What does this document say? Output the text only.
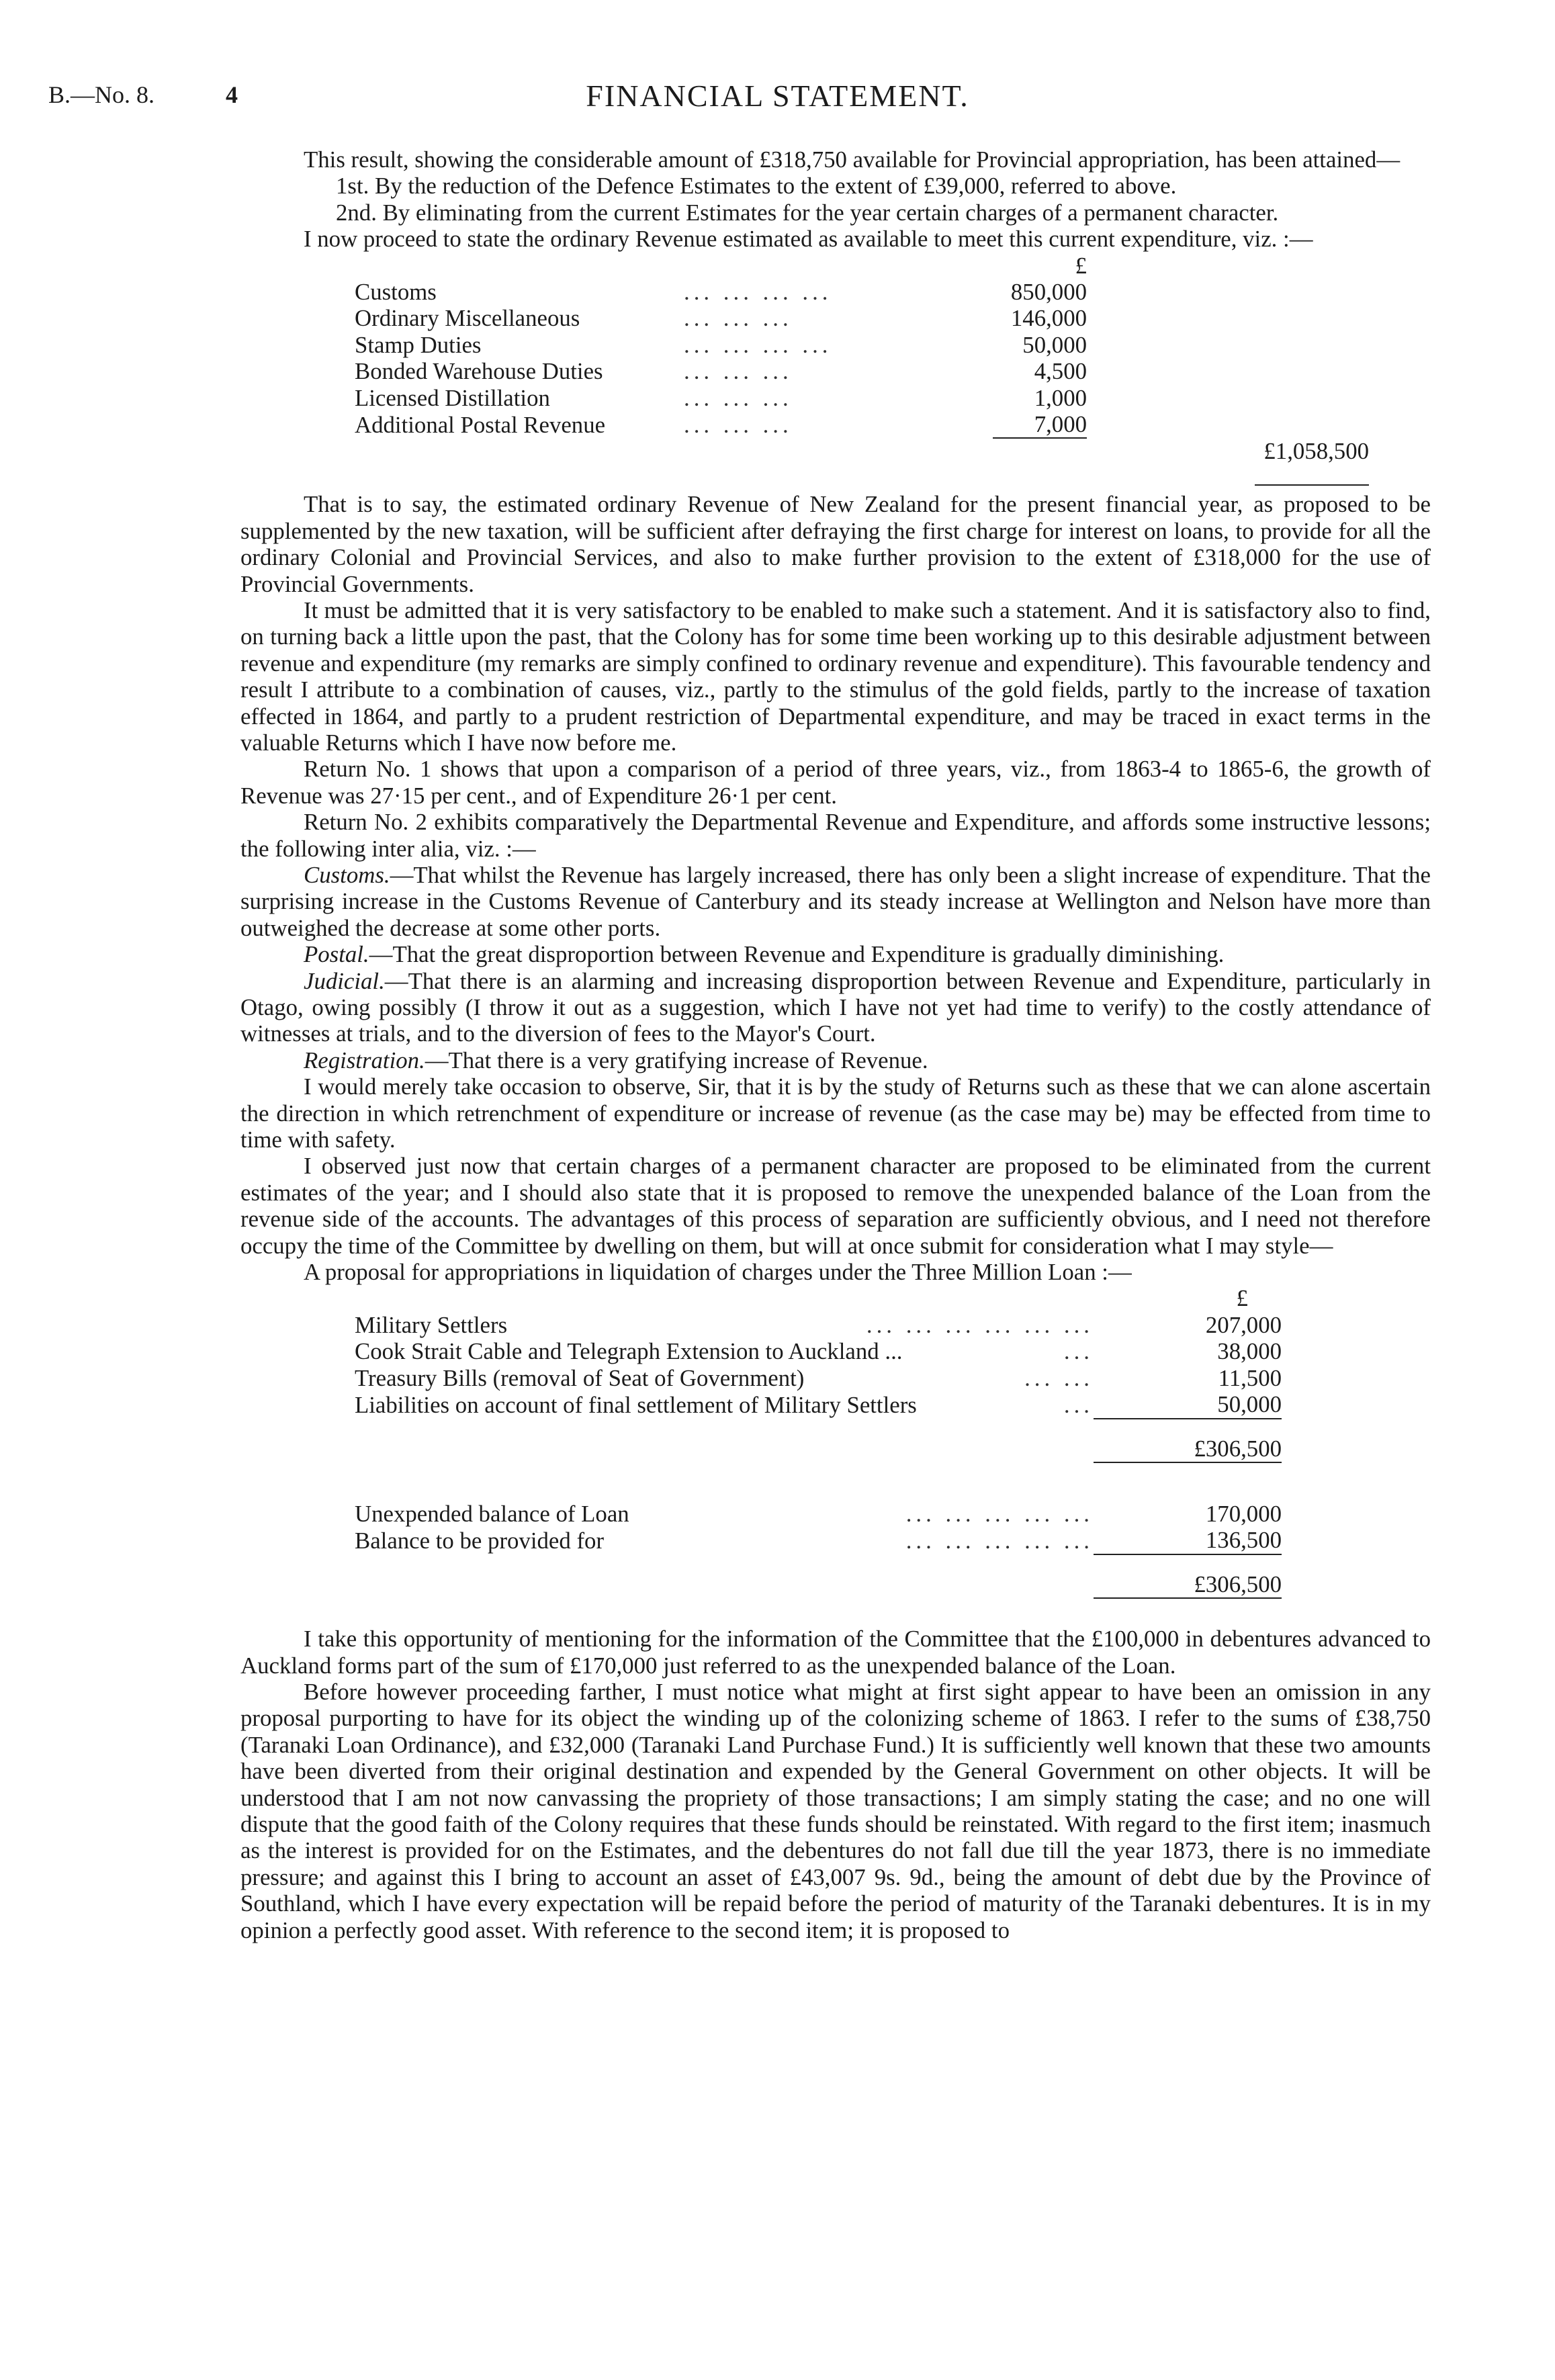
B.—No. 8.	4	FINANCIAL STATEMENT.

This result, showing the considerable amount of £318,750 available for Provincial appropriation, has been attained—

1st. By the reduction of the Defence Estimates to the extent of £39,000, referred to above.

2nd. By eliminating from the current Estimates for the year certain charges of a permanent character.

I now proceed to state the ordinary Revenue estimated as available to meet this current expenditure, viz. :—

		£	
Customs	... ... ... ...	850,000	
Ordinary Miscellaneous	... ... ...	146,000	
Stamp Duties	... ... ... ...	50,000	
Bonded Warehouse Duties	... ... ...	4,500	
Licensed Distillation	... ... ...	1,000	
Additional Postal Revenue	... ... ...	7,000	
			£1,058,500

That is to say, the estimated ordinary Revenue of New Zealand for the present financial year, as proposed to be supplemented by the new taxation, will be sufficient after defraying the first charge for interest on loans, to provide for all the ordinary Colonial and Provincial Services, and also to make further provision to the extent of £318,000 for the use of Provincial Governments.

It must be admitted that it is very satisfactory to be enabled to make such a statement. And it is satisfactory also to find, on turning back a little upon the past, that the Colony has for some time been working up to this desirable adjustment between revenue and expenditure (my remarks are simply confined to ordinary revenue and expenditure). This favourable tendency and result I attribute to a combination of causes, viz., partly to the stimulus of the gold fields, partly to the increase of taxation effected in 1864, and partly to a prudent restriction of Departmental expenditure, and may be traced in exact terms in the valuable Returns which I have now before me.

Return No. 1 shows that upon a comparison of a period of three years, viz., from 1863-4 to 1865-6, the growth of Revenue was 27·15 per cent., and of Expenditure 26·1 per cent.

Return No. 2 exhibits comparatively the Departmental Revenue and Expenditure, and affords some instructive lessons; the following inter alia, viz. :—

Customs.—That whilst the Revenue has largely increased, there has only been a slight increase of expenditure. That the surprising increase in the Customs Revenue of Canterbury and its steady increase at Wellington and Nelson have more than outweighed the decrease at some other ports.

Postal.—That the great disproportion between Revenue and Expenditure is gradually diminishing.

Judicial.—That there is an alarming and increasing disproportion between Revenue and Expenditure, particularly in Otago, owing possibly (I throw it out as a suggestion, which I have not yet had time to verify) to the costly attendance of witnesses at trials, and to the diversion of fees to the Mayor's Court.

Registration.—That there is a very gratifying increase of Revenue.

I would merely take occasion to observe, Sir, that it is by the study of Returns such as these that we can alone ascertain the direction in which retrenchment of expenditure or increase of revenue (as the case may be) may be effected from time to time with safety.

I observed just now that certain charges of a permanent character are proposed to be eliminated from the current estimates of the year; and I should also state that it is proposed to remove the unexpended balance of the Loan from the revenue side of the accounts. The advantages of this process of separation are sufficiently obvious, and I need not therefore occupy the time of the Committee by dwelling on them, but will at once submit for consideration what I may style—

A proposal for appropriations in liquidation of charges under the Three Million Loan :—

	£
Military Settlers ... ... ... ... ... ...	207,000
Cook Strait Cable and Telegraph Extension to Auckland ... ...	38,000
Treasury Bills (removal of Seat of Government) ... ...	11,500
Liabilities on account of final settlement of Military Settlers ...	50,000

	£306,500

Unexpended balance of Loan ... ... ... ... ...	170,000
Balance to be provided for ... ... ... ... ...	136,500

	£306,500

I take this opportunity of mentioning for the information of the Committee that the £100,000 in debentures advanced to Auckland forms part of the sum of £170,000 just referred to as the unexpended balance of the Loan.

Before however proceeding farther, I must notice what might at first sight appear to have been an omission in any proposal purporting to have for its object the winding up of the colonizing scheme of 1863. I refer to the sums of £38,750 (Taranaki Loan Ordinance), and £32,000 (Taranaki Land Purchase Fund.) It is sufficiently well known that these two amounts have been diverted from their original destination and expended by the General Government on other objects. It will be understood that I am not now canvassing the propriety of those transactions; I am simply stating the case; and no one will dispute that the good faith of the Colony requires that these funds should be reinstated. With regard to the first item; inasmuch as the interest is provided for on the Estimates, and the debentures do not fall due till the year 1873, there is no immediate pressure; and against this I bring to account an asset of £43,007 9s. 9d., being the amount of debt due by the Province of Southland, which I have every expectation will be repaid before the period of maturity of the Taranaki debentures. It is in my opinion a perfectly good asset. With reference to the second item; it is proposed to
